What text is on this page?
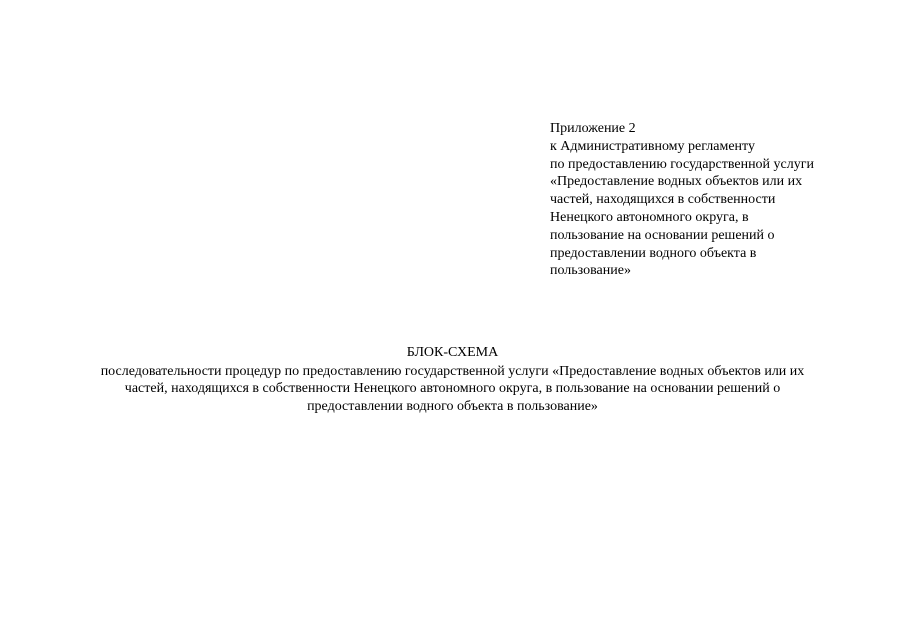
Приложение 2
к Административному регламенту
по предоставлению государственной услуги
«Предоставление водных объектов или их
частей, находящихся в собственности
Ненецкого автономного округа, в
пользование на основании решений о
предоставлении водного объекта в
пользование»
БЛОК-СХЕМА
последовательности процедур по предоставлению государственной услуги «Предоставление водных объектов или их
частей, находящихся в собственности Ненецкого автономного округа, в пользование на основании решений о
предоставлении водного объекта в пользование»
